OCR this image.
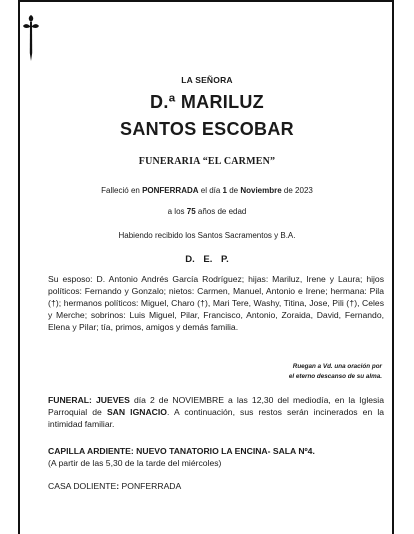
LA SEÑORA
D.ª MARILUZ
SANTOS ESCOBAR
FUNERARIA “EL CARMEN”
Falleció en PONFERRADA el día 1 de Noviembre de 2023
a los 75 años de edad
Habiendo recibido los Santos Sacramentos y B.A.
D. E. P.
Su esposo: D. Antonio Andrés García Rodríguez; hijas: Mariluz, Irene y Laura; hijos políticos: Fernando y Gonzalo; nietos: Carmen, Manuel, Antonio e Irene; hermana: Pila (†); hermanos políticos: Miguel, Charo (†), Mari Tere, Washy, Titina, Jose, Pili (†), Celes y Merche; sobrinos: Luis Miguel, Pilar, Francisco, Antonio, Zoraida, David, Fernando, Elena y Pilar; tía, primos, amigos y demás familia.
Ruegan a Vd. una oración por
el eterno descanso de su alma.
FUNERAL: JUEVES día 2 de NOVIEMBRE a las 12,30 del mediodía, en la Iglesia Parroquial de SAN IGNACIO. A continuación, sus restos serán incinerados en la intimidad familiar.
CAPILLA ARDIENTE: NUEVO TANATORIO LA ENCINA- SALA Nº4.
(A partir de las 5,30 de la tarde del miércoles)
CASA DOLIENTE: PONFERRADA
